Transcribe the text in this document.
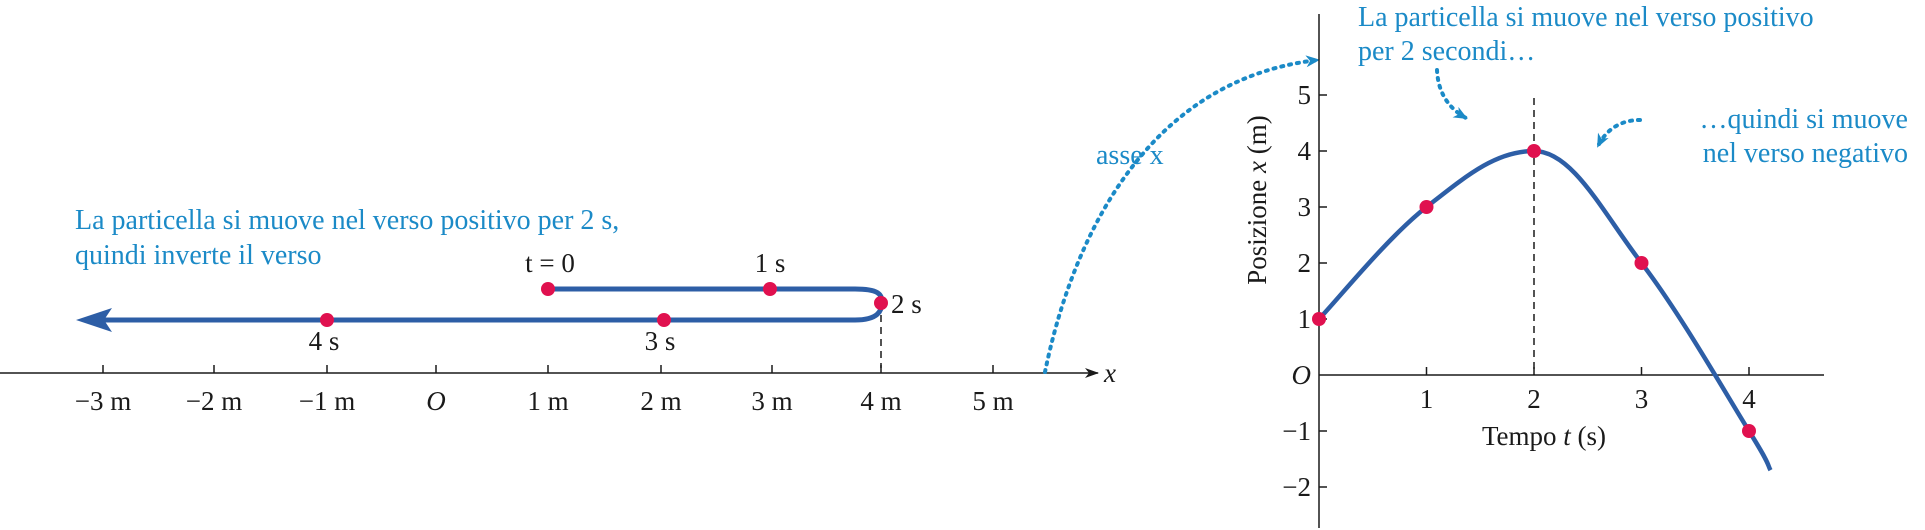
La particella si muove nel verso positivo per 2 s,
quindi inverte il verso
x
−3 m −2 m −1 m	O	1 m	2 m	3 m	4 m	5 m
t = 0	1 s
2 s
3 s
4 s
asse x
5
4
3
2
1
O
−1
−2
1	2	3	4
Tempo t (s)
Posizione x (m)
La particella si muove nel verso positivo
per 2 secondi…
…quindi si muove
nel verso negativo
